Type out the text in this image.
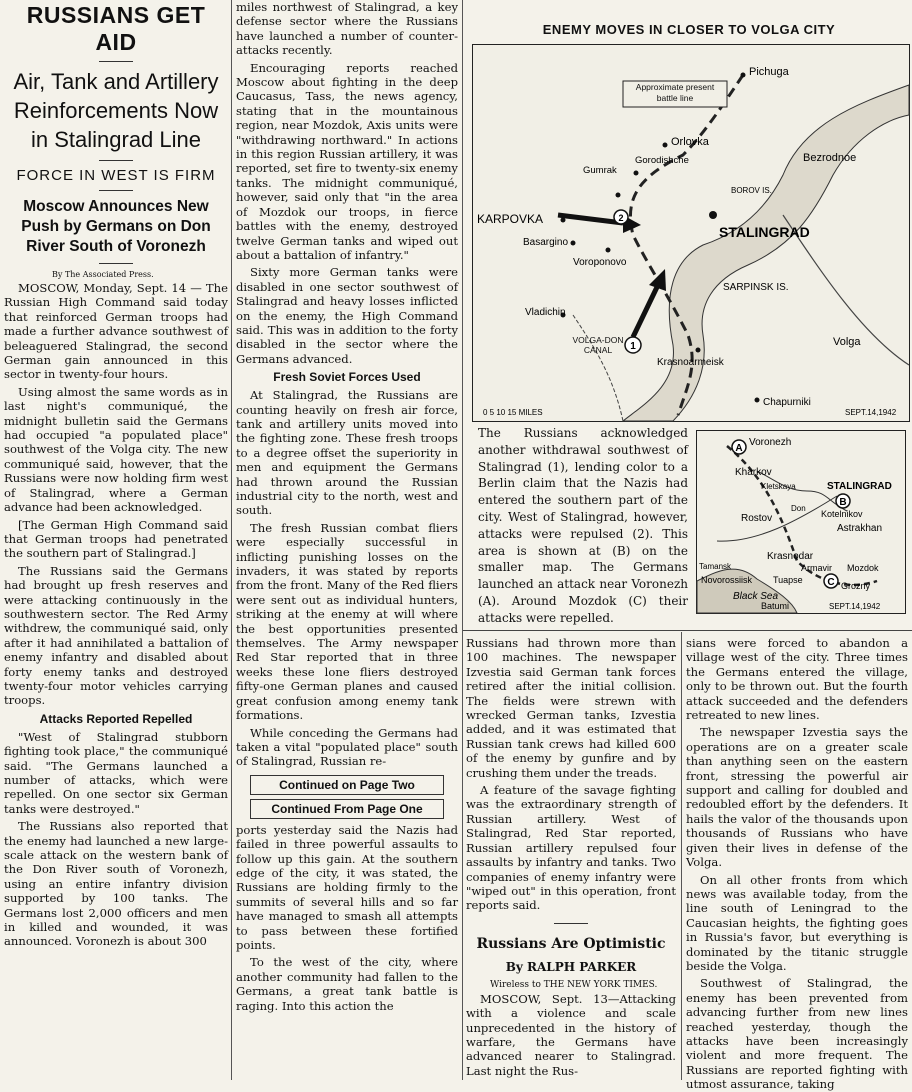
RUSSIANS GET AID
Air, Tank and Artillery Reinforcements Now in Stalingrad Line
FORCE IN WEST IS FIRM
Moscow Announces New Push by Germans on Don River South of Voronezh
By The Associated Press.

MOSCOW, Monday, Sept. 14 — The Russian High Command said today that reinforced German troops had made a further advance southwest of beleaguered Stalingrad, the second German gain announced in this sector in twenty-four hours.

Using almost the same words as in last night's communiqué, the midnight bulletin said the Germans had occupied "a populated place" southwest of the Volga city. The new communiqué said, however, that the Russians were now holding firm west of Stalingrad, where a German advance had been acknowledged.

[The German High Command said that German troops had penetrated the southern part of Stalingrad.]

The Russians said the Germans had brought up fresh reserves and were attacking continuously in the southwestern sector. The Red Army withdrew, the communiqué said, only after it had annihilated a battalion of enemy infantry and disabled about forty enemy tanks and destroyed twenty-four motor vehicles carrying troops.

Attacks Reported Repelled

"West of Stalingrad stubborn fighting took place," the communiqué said. "The Germans launched a number of attacks, which were repelled. On one sector six German tanks were destroyed."

The Russians also reported that the enemy had launched a new large-scale attack on the western bank of the Don River south of Voronezh, using an entire infantry division supported by 100 tanks. The Germans lost 2,000 officers and men in killed and wounded, it was announced. Voronezh is about 300

miles northwest of Stalingrad, a key defense sector where the Russians have launched a number of counter-attacks recently.

Encouraging reports reached Moscow about fighting in the deep Caucasus, Tass, the news agency, stating that in the mountainous region, near Mozdok, Axis units were "withdrawing northward." In actions in this region Russian artillery, it was reported, set fire to twenty-six enemy tanks. The midnight communiqué, however, said only that "in the area of Mozdok our troops, in fierce battles with the enemy, destroyed twelve German tanks and wiped out about a battalion of infantry."

Sixty more German tanks were disabled in one sector southwest of Stalingrad and heavy losses inflicted on the enemy, the High Command said. This was in addition to the forty disabled in the sector where the Germans advanced.

Fresh Soviet Forces Used

At Stalingrad, the Russians are counting heavily on fresh air force, tank and artillery units moved into the fighting zone. These fresh troops to a degree offset the superiority in men and equipment the Germans had thrown around the Russian industrial city to the north, west and south.

The fresh Russian combat fliers were especially successful in inflicting punishing losses on the invaders, it was stated by reports from the front. Many of the Red fliers were sent out as individual hunters, striking at the enemy at will where the best opportunities presented themselves. The Army newspaper Red Star reported that in three weeks these lone fliers destroyed fifty-one German planes and caused great confusion among enemy tank formations.

While conceding the Germans had taken a vital "populated place" south of Stalingrad, Russian re-

Continued on Page Two
Continued From Page One

ports yesterday said the Nazis had failed in three powerful assaults to follow up this gain. At the southern edge of the city, it was stated, the Russians are holding firmly to the summits of several hills and so far have managed to smash all attempts to pass between these fortified points.

To the west of the city, where another community had fallen to the Germans, a great tank battle is raging. Into this action the

ENEMY MOVES IN CLOSER TO VOLGA CITY
1
2
Approximate present battle line
Pichuga
Orlovka
Gorodishche
Gumrak
Bezrodnoe
KARPOVKA
Basargino
Voroponovo
STALINGRAD
BOROV IS.
SARPINSK IS.
Vladichin
VOLGA-DON CANAL
Volga
Krasnoarmeisk
Chapurniki
0 5 10 15 MILES	SEPT.14,1942

The Russians acknowledged another withdrawal southwest of Stalingrad (1), lending color to a Berlin claim that the Nazis had entered the southern part of the city. West of Stalingrad, however, attacks were repulsed (2). This area is shown at (B) on the smaller map. The Germans launched an attack near Voronezh (A). Around Mozdok (C) their attacks were repelled.

A
B
C
Voronezh
Kharkov
Kletskaya	STALINGRAD
Rostov	Kotelnikov
Astrakhan
Don
Krasnodar
Armavir
Tuapse
Novorossiisk
Tamansk	Mozdok
Grozny
Black Sea
Batumi	SEPT.14,1942

Russians had thrown more than 100 machines. The newspaper Izvestia said German tank forces retired after the initial collision. The fields were strewn with wrecked German tanks, Izvestia added, and it was estimated that Russian tank crews had killed 600 of the enemy by gunfire and by crushing them under the treads.

A feature of the savage fighting was the extraordinary strength of Russian artillery. West of Stalingrad, Red Star reported, Russian artillery repulsed four assaults by infantry and tanks. Two companies of enemy infantry were "wiped out" in this operation, front reports said.

Russians Are Optimistic
By RALPH PARKER
Wireless to THE NEW YORK TIMES.

MOSCOW, Sept. 13—Attacking with a violence and scale unprecedented in the history of warfare, the Germans have advanced nearer to Stalingrad. Last night the Rus-

sians were forced to abandon a village west of the city. Three times the Germans entered the village, only to be thrown out. But the fourth attack succeeded and the defenders retreated to new lines.

The newspaper Izvestia says the operations are on a greater scale than anything seen on the eastern front, stressing the powerful air support and calling for doubled and redoubled effort by the defenders. It hails the valor of the thousands upon thousands of Russians who have given their lives in defense of the Volga.

On all other fronts from which news was available today, from the line south of Leningrad to the Caucasian heights, the fighting goes in Russia's favor, but everything is dominated by the titanic struggle beside the Volga.

Southwest of Stalingrad, the enemy has been prevented from advancing further from new lines reached yesterday, though the attacks have been increasingly violent and more frequent. The Russians are reported fighting with utmost assurance, taking
